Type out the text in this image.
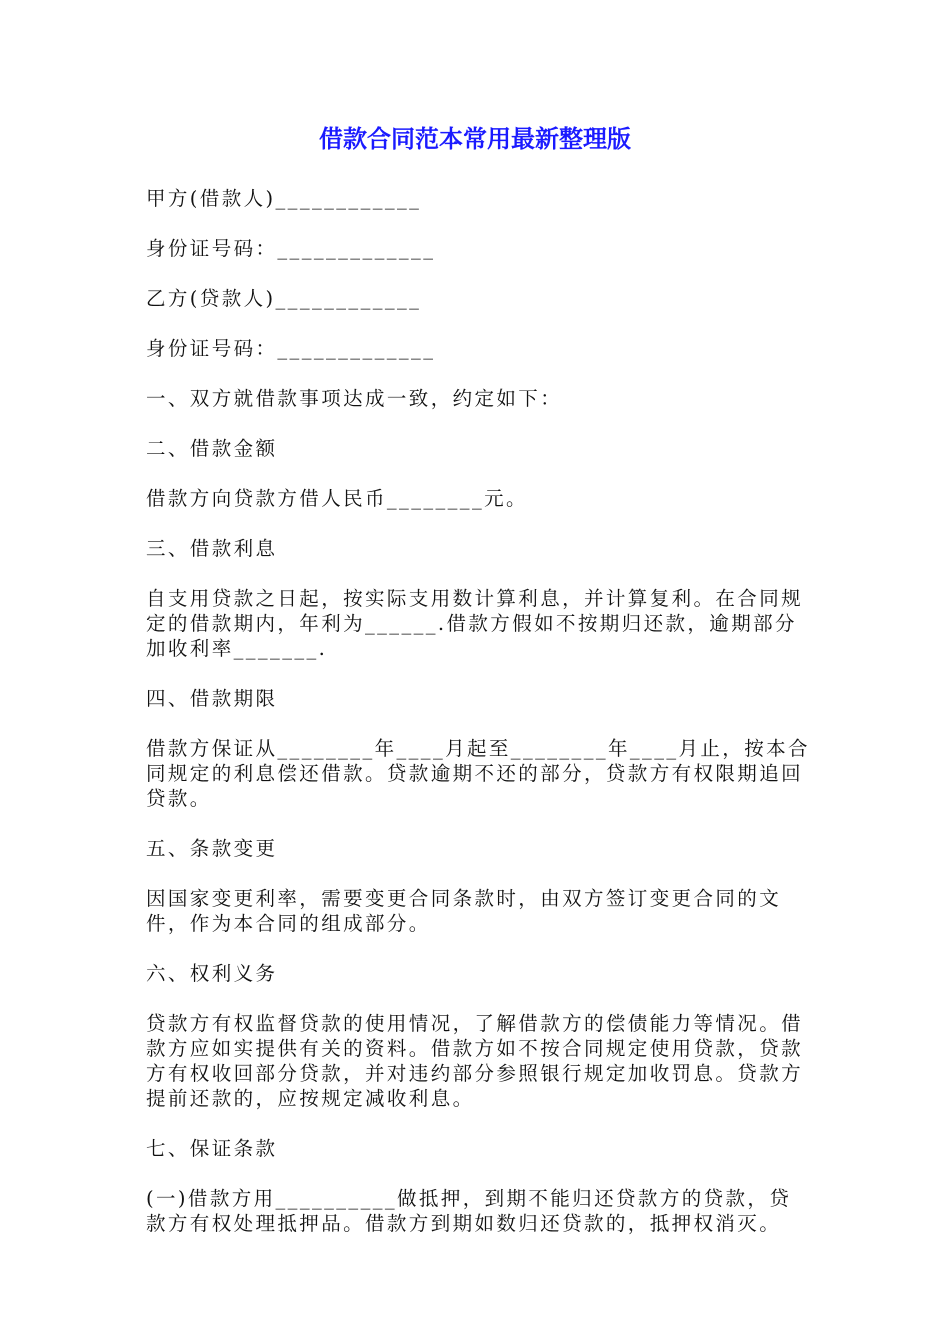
借款合同范本常用最新整理版

甲方(借款人)____________

身份证号码：_____________

乙方(贷款人)____________

身份证号码：_____________

一、双方就借款事项达成一致，约定如下：

二、借款金额

借款方向贷款方借人民币________元。

三、借款利息

自支用贷款之日起，按实际支用数计算利息，并计算复利。在合同规定的借款期内，年利为______.借款方假如不按期归还款，逾期部分加收利率_______.

四、借款期限

借款方保证从________年____月起至________年____月止，按本合同规定的利息偿还借款。贷款逾期不还的部分，贷款方有权限期追回贷款。

五、条款变更

因国家变更利率，需要变更合同条款时，由双方签订变更合同的文件，作为本合同的组成部分。

六、权利义务

贷款方有权监督贷款的使用情况，了解借款方的偿债能力等情况。借款方应如实提供有关的资料。借款方如不按合同规定使用贷款，贷款方有权收回部分贷款，并对违约部分参照银行规定加收罚息。贷款方提前还款的，应按规定减收利息。

七、保证条款

(一)借款方用__________做抵押，到期不能归还贷款方的贷款，贷款方有权处理抵押品。借款方到期如数归还贷款的，抵押权消灭。
